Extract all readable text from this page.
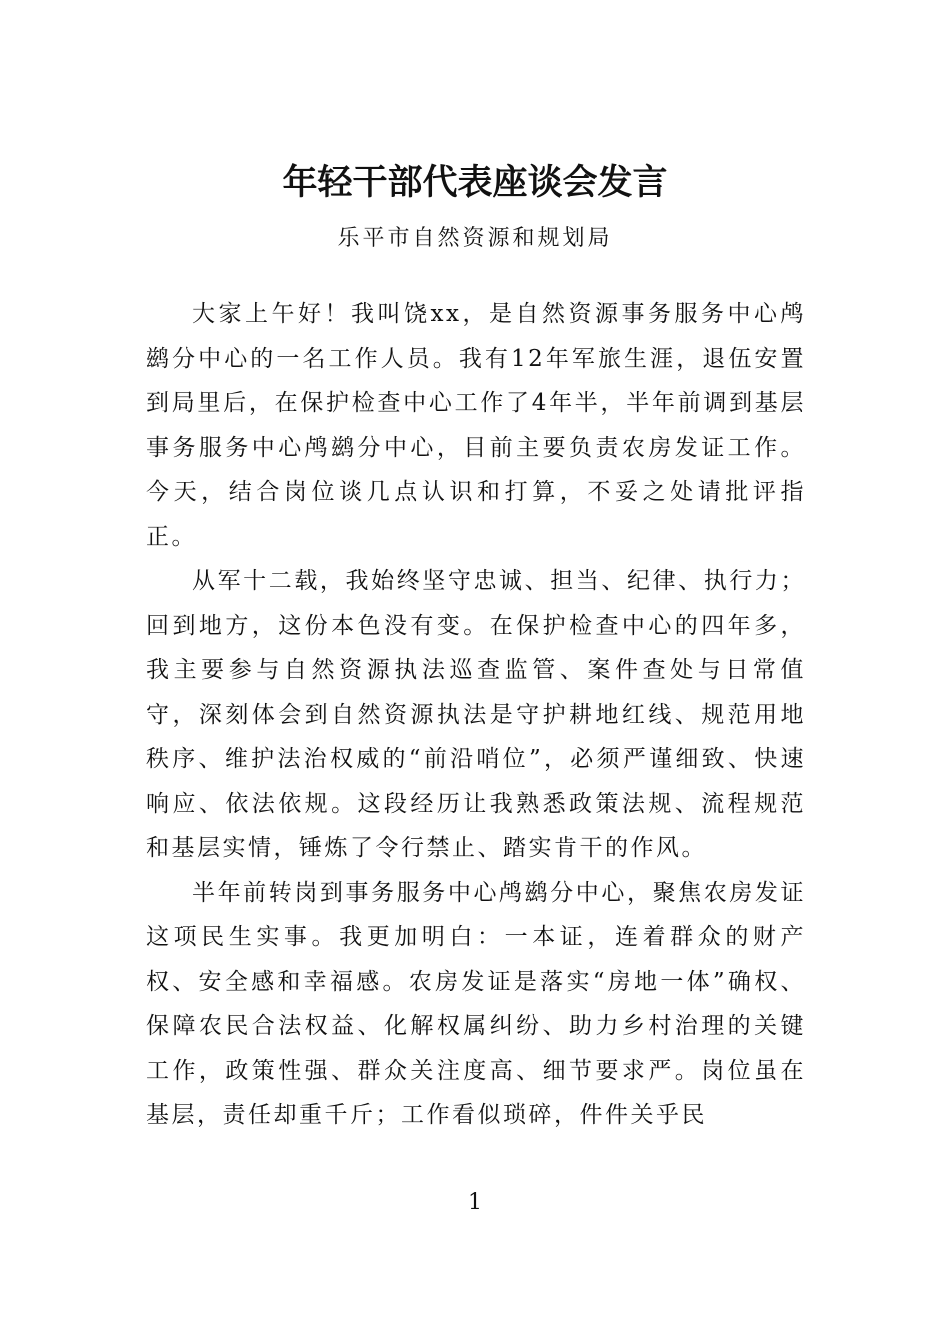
年轻干部代表座谈会发言
乐平市自然资源和规划局

大家上午好！我叫饶xx，是自然资源事务服务中心鸬鹚分中心的一名工作人员。我有12年军旅生涯，退伍安置到局里后，在保护检查中心工作了4年半，半年前调到基层事务服务中心鸬鹚分中心，目前主要负责农房发证工作。今天，结合岗位谈几点认识和打算，不妥之处请批评指正。

从军十二载，我始终坚守忠诚、担当、纪律、执行力；回到地方，这份本色没有变。在保护检查中心的四年多，我主要参与自然资源执法巡查监管、案件查处与日常值守，深刻体会到自然资源执法是守护耕地红线、规范用地秩序、维护法治权威的“前沿哨位”，必须严谨细致、快速响应、依法依规。这段经历让我熟悉政策法规、流程规范和基层实情，锤炼了令行禁止、踏实肯干的作风。

半年前转岗到事务服务中心鸬鹚分中心，聚焦农房发证这项民生实事。我更加明白：一本证，连着群众的财产权、安全感和幸福感。农房发证是落实“房地一体”确权、保障农民合法权益、化解权属纠纷、助力乡村治理的关键工作，政策性强、群众关注度高、细节要求严。岗位虽在基层，责任却重千斤；工作看似琐碎，件件关乎民

1
